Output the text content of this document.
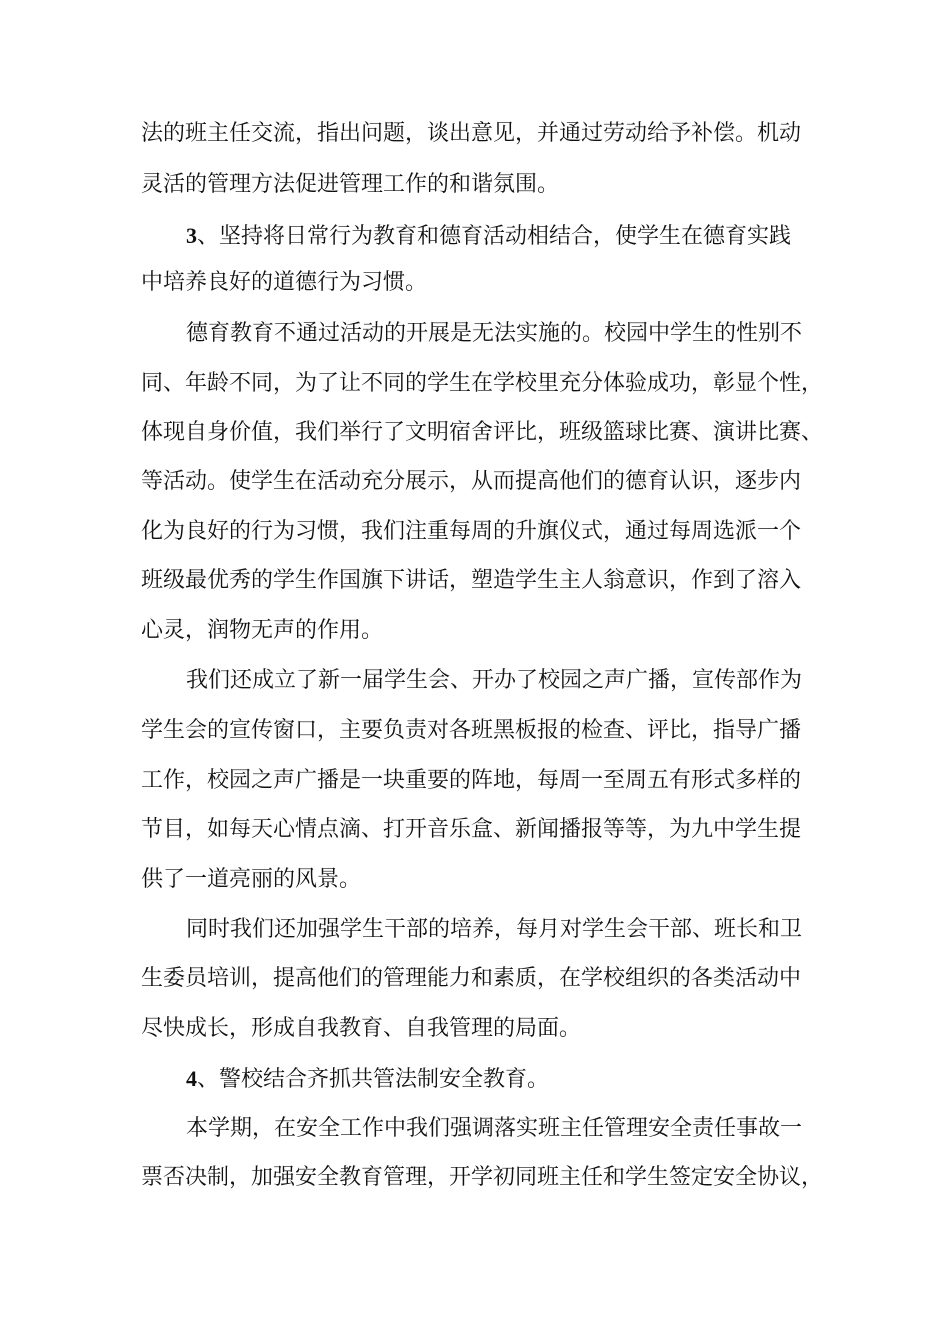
法的班主任交流，指出问题，谈出意见，并通过劳动给予补偿。机动
灵活的管理方法促进管理工作的和谐氛围。
3、坚持将日常行为教育和德育活动相结合，使学生在德育实践
中培养良好的道德行为习惯。
德育教育不通过活动的开展是无法实施的。校园中学生的性别不
同、年龄不同，为了让不同的学生在学校里充分体验成功，彰显个性，
体现自身价值，我们举行了文明宿舍评比，班级篮球比赛、演讲比赛、
等活动。使学生在活动充分展示，从而提高他们的德育认识，逐步内
化为良好的行为习惯，我们注重每周的升旗仪式，通过每周选派一个
班级最优秀的学生作国旗下讲话，塑造学生主人翁意识，作到了溶入
心灵，润物无声的作用。
我们还成立了新一届学生会、开办了校园之声广播，宣传部作为
学生会的宣传窗口，主要负责对各班黑板报的检查、评比，指导广播
工作，校园之声广播是一块重要的阵地，每周一至周五有形式多样的
节目，如每天心情点滴、打开音乐盒、新闻播报等等，为九中学生提
供了一道亮丽的风景。
同时我们还加强学生干部的培养，每月对学生会干部、班长和卫
生委员培训，提高他们的管理能力和素质，在学校组织的各类活动中
尽快成长，形成自我教育、自我管理的局面。
4、警校结合齐抓共管法制安全教育。
本学期，在安全工作中我们强调落实班主任管理安全责任事故一
票否决制，加强安全教育管理，开学初同班主任和学生签定安全协议，
